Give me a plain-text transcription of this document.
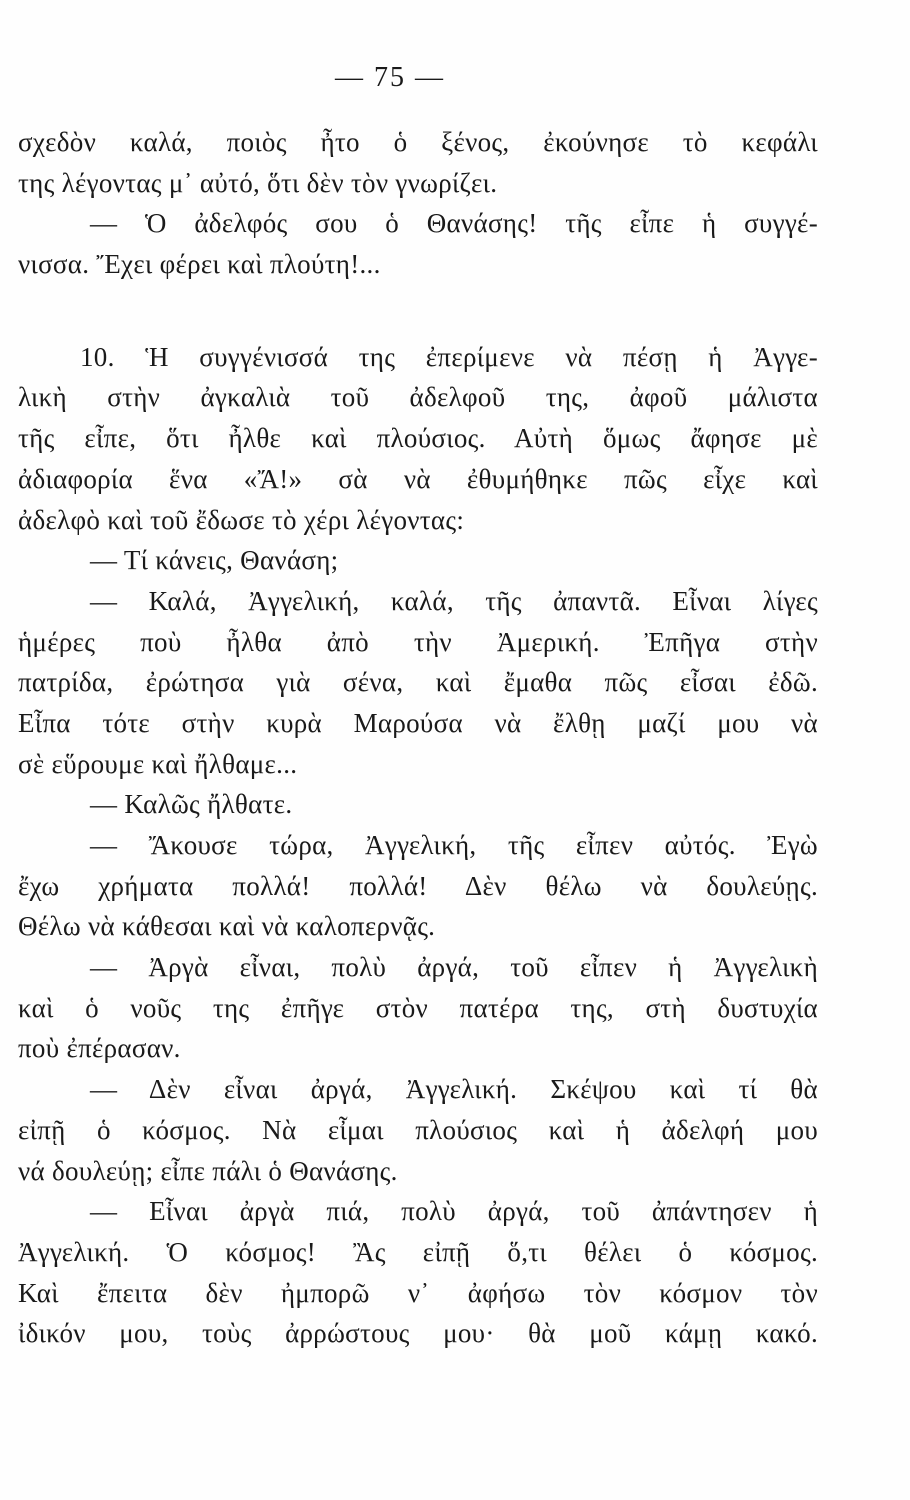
— 75 —
σχεδὸν καλά, ποιὸς ἦτο ὁ ξένος, ἐκούνησε τὸ κεφάλι
της λέγοντας μ᾽ αὐτό, ὅτι δὲν τὸν γνωρίζει.
— Ὁ ἀδελφός σου ὁ Θανάσης! τῆς εἶπε ἡ συγγέ-
νισσα. Ἔχει φέρει καὶ πλούτη!...
10. Ἡ συγγένισσά της ἐπερίμενε νὰ πέσῃ ἡ Ἀγγε-
λικὴ στὴν ἀγκαλιὰ τοῦ ἀδελφοῦ της, ἀφοῦ μάλιστα
τῆς εἶπε, ὅτι ἦλθε καὶ πλούσιος. Αὐτὴ ὅμως ἄφησε μὲ
ἀδιαφορία ἕνα «Ἄ!» σὰ νὰ ἐθυμήθηκε πῶς εἶχε καὶ
ἀδελφὸ καὶ τοῦ ἔδωσε τὸ χέρι λέγοντας:
— Τί κάνεις, Θανάση;
— Καλά, Ἀγγελική, καλά, τῆς ἀπαντᾶ. Εἶναι λίγες
ἡμέρες ποὺ ἦλθα ἀπὸ τὴν Ἀμερική. Ἐπῆγα στὴν
πατρίδα, ἐρώτησα γιὰ σένα, καὶ ἔμαθα πῶς εἶσαι ἐδῶ.
Εἶπα τότε στὴν κυρὰ Μαρούσα νὰ ἔλθῃ μαζί μου νὰ
σὲ εὕρουμε καὶ ἤλθαμε...
— Καλῶς ἤλθατε.
— Ἄκουσε τώρα, Ἀγγελική, τῆς εἶπεν αὐτός. Ἐγὼ
ἔχω χρήματα πολλά! πολλά! Δὲν θέλω νὰ δουλεύῃς.
Θέλω νὰ κάθεσαι καὶ νὰ καλοπερνᾷς.
— Ἀργὰ εἶναι, πολὺ ἀργά, τοῦ εἶπεν ἡ Ἀγγελικὴ
καὶ ὁ νοῦς της ἐπῆγε στὸν πατέρα της, στὴ δυστυχία
ποὺ ἐπέρασαν.
— Δὲν εἶναι ἀργά, Ἀγγελική. Σκέψου καὶ τί θὰ
εἰπῇ ὁ κόσμος. Νὰ εἶμαι πλούσιος καὶ ἡ ἀδελφή μου
νά δουλεύῃ; εἶπε πάλι ὁ Θανάσης.
— Εἶναι ἀργὰ πιά, πολὺ ἀργά, τοῦ ἀπάντησεν ἡ
Ἀγγελική. Ὁ κόσμος! Ἂς εἰπῇ ὅ,τι θέλει ὁ κόσμος.
Καὶ ἔπειτα δὲν ἠμπορῶ ν᾽ ἀφήσω τὸν κόσμον τὸν
ἰδικόν μου, τοὺς ἀρρώστους μου· θὰ μοῦ κάμῃ κακό.
